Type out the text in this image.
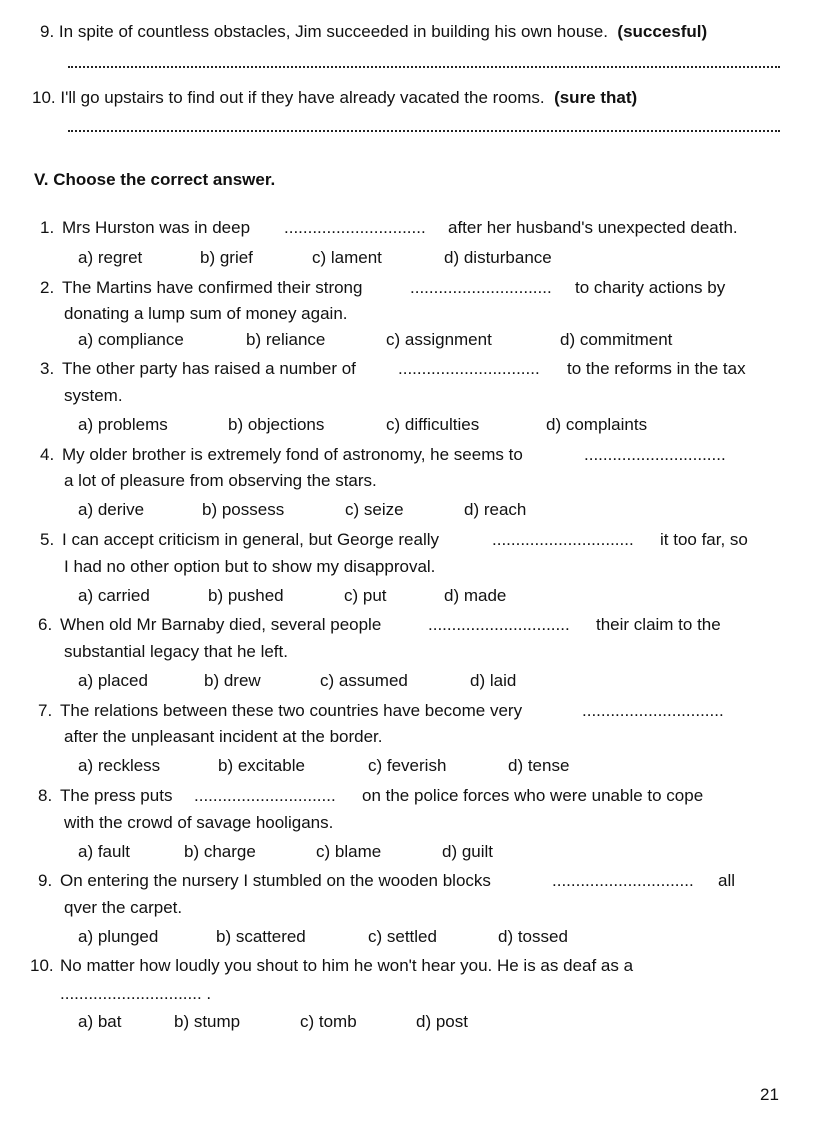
9. In spite of countless obstacles, Jim succeeded in building his own house. (succesful)
10. I'll go upstairs to find out if they have already vacated the rooms. (sure that)
V. Choose the correct answer.
1. Mrs Hurston was in deep .............................. after her husband's unexpected death.
a) regret	b) grief	c) lament	d) disturbance
2. The Martins have confirmed their strong	.............................. to charity actions by
donating a lump sum of money again.
a) compliance	b) reliance	c) assignment	d) commitment
3. The other party has raised a number of .............................. to the reforms in the tax
system.
a) problems	b) objections	c) difficulties	d) complaints
4. My older brother is extremely fond of astronomy, he seems to	..............................
a lot of pleasure from observing the stars.
a) derive	b) possess	c) seize	d) reach
5. I can accept criticism in general, but George really	.............................. it too far, so
I had no other option but to show my disapproval.
a) carried	b) pushed	c) put	d) made
6. When old Mr Barnaby died, several people	.............................. their claim to the
substantial legacy that he left.
a) placed	b) drew	c) assumed	d) laid
7. The relations between these two countries have become very	..............................
after the unpleasant incident at the border.
a) reckless	b) excitable	c) feverish	d) tense
8. The press puts .............................. on the police forces who were unable to cope
with the crowd of savage hooligans.
a) fault	b) charge	c) blame	d) guilt
9. On entering the nursery I stumbled on the wooden blocks	.............................. all
qver the carpet.
a) plunged	b) scattered	c) settled	d) tossed
10. No matter how loudly you shout to him he won't hear you. He is as deaf as a
.............................. .
a) bat	b) stump	c) tomb	d) post
21
